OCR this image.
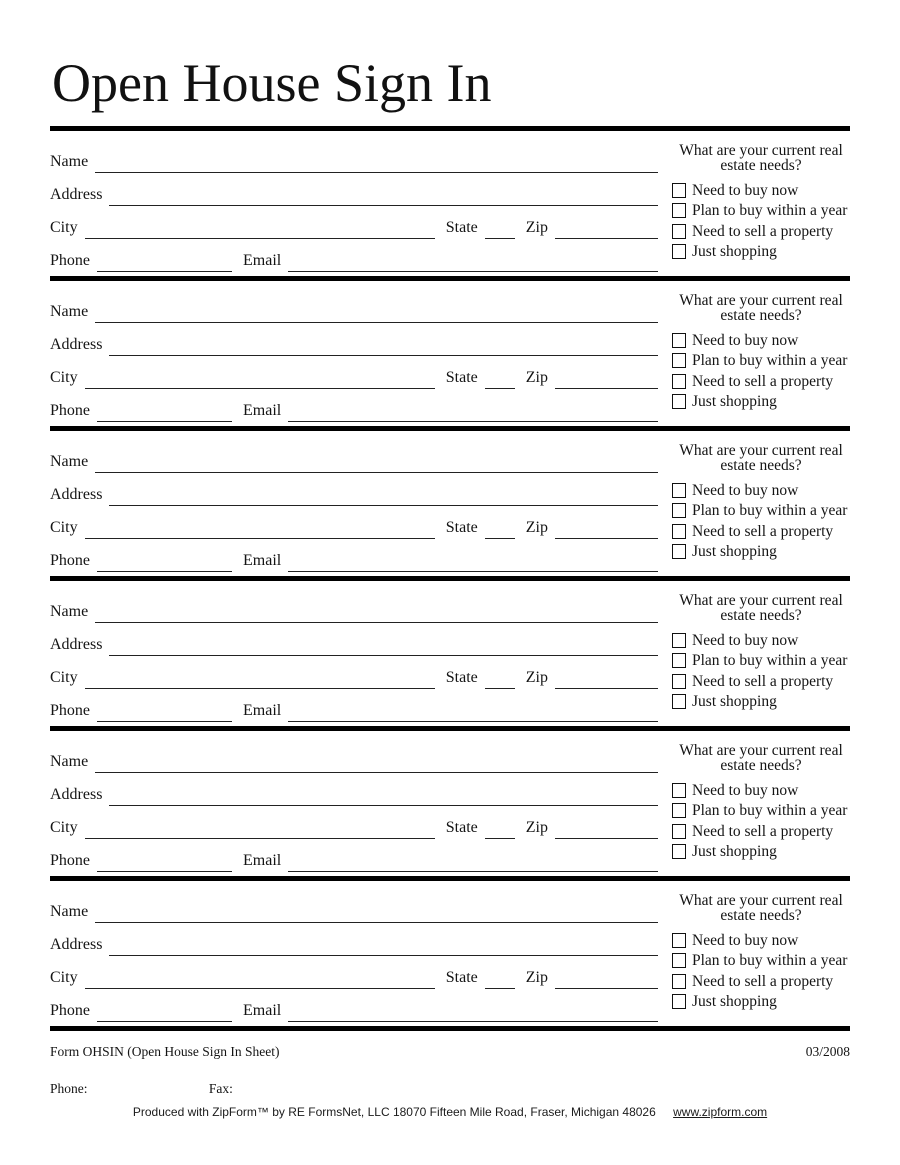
Open House Sign In
Name
Address
City	State	Zip
Phone	Email
What are your current real estate needs?
Need to buy now
Plan to buy within a year
Need to sell a property
Just shopping
Name
Address
City	State	Zip
Phone	Email
What are your current real estate needs?
Need to buy now
Plan to buy within a year
Need to sell a property
Just shopping
Name
Address
City	State	Zip
Phone	Email
What are your current real estate needs?
Need to buy now
Plan to buy within a year
Need to sell a property
Just shopping
Name
Address
City	State	Zip
Phone	Email
What are your current real estate needs?
Need to buy now
Plan to buy within a year
Need to sell a property
Just shopping
Name
Address
City	State	Zip
Phone	Email
What are your current real estate needs?
Need to buy now
Plan to buy within a year
Need to sell a property
Just shopping
Name
Address
City	State	Zip
Phone	Email
What are your current real estate needs?
Need to buy now
Plan to buy within a year
Need to sell a property
Just shopping
Form OHSIN (Open House Sign In Sheet)	03/2008
Phone:	Fax:
Produced with ZipForm™ by RE FormsNet, LLC 18070 Fifteen Mile Road, Fraser, Michigan 48026 www.zipform.com
